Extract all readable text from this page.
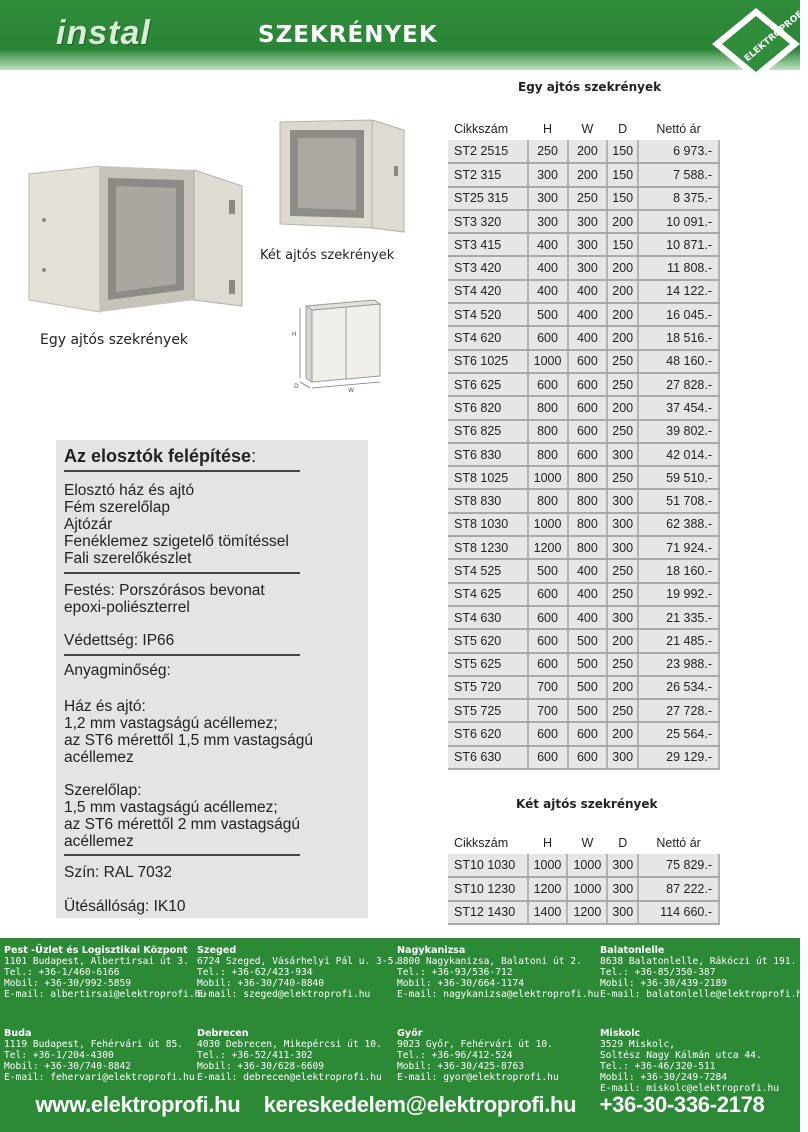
instal	SZEKRÉNYEK	ELEKTROPROFI
Egy ajtós szekrények
Két ajtós szekrények
H
W
D
Az elosztók felépítése:
Elosztó ház és ajtó
Fém szerelőlap
Ajtózár
Fenéklemez szigetelő tömítéssel
Fali szerelőkészlet
Festés: Porszórásos bevonat
epoxi-poliészterrel
Védettség: IP66
Anyagminőség:
Ház és ajtó:
1,2 mm vastagságú acéllemez;
az ST6 mérettől 1,5 mm vastagságú
acéllemez
Szerelőlap:
1,5 mm vastagságú acéllemez;
az ST6 mérettől 2 mm vastagságú
acéllemez
Szín: RAL 7032
Ütésállóság: IK10
Egy ajtós szekrények
Cikkszám	H	W	D	Nettó ár
ST2 2515	250	200	150	6 973.-
ST2 315	300	200	150	7 588.-
ST25 315	300	250	150	8 375.-
ST3 320	300	300	200	10 091.-
ST3 415	400	300	150	10 871.-
ST3 420	400	300	200	11 808.-
ST4 420	400	400	200	14 122.-
ST4 520	500	400	200	16 045.-
ST4 620	600	400	200	18 516.-
ST6 1025	1000	600	250	48 160.-
ST6 625	600	600	250	27 828.-
ST6 820	800	600	200	37 454.-
ST6 825	800	600	250	39 802.-
ST6 830	800	600	300	42 014.-
ST8 1025	1000	800	250	59 510.-
ST8 830	800	800	300	51 708.-
ST8 1030	1000	800	300	62 388.-
ST8 1230	1200	800	300	71 924.-
ST4 525	500	400	250	18 160.-
ST4 625	600	400	250	19 992.-
ST4 630	600	400	300	21 335.-
ST5 620	600	500	200	21 485.-
ST5 625	600	500	250	23 988.-
ST5 720	700	500	200	26 534.-
ST5 725	700	500	250	27 728.-
ST6 620	600	600	200	25 564.-
ST6 630	600	600	300	29 129.-
Két ajtós szekrények
Cikkszám	H	W	D	Nettó ár
ST10 1030	1000	1000	300	75 829.-
ST10 1230	1200	1000	300	87 222.-
ST12 1430	1400	1200	300	114 660.-
Pest -Üzlet és Logisztikai Központ
1101 Budapest, Albertirsai út 3.
Tel.: +36-1/460-6166
Mobil: +36-30/992-5859
E-mail: albertirsai@elektroprofi.hu
Szeged
6724 Szeged, Vásárhelyi Pál u. 3-5.
Tel.: +36-62/423-934
Mobil: +36-30/740-8840
E-mail: szeged@elektroprofi.hu
Nagykanizsa
8800 Nagykanizsa, Balatoni út 2.
Tel.: +36-93/536-712
Mobil: +36-30/664-1174
E-mail: nagykanizsa@elektroprofi.hu
Balatonlelle
8638 Balatonlelle, Rákóczi út 191.
Tel.: +36-85/350-387
Mobil: +36-30/439-2189
E-mail: balatonlelle@elektroprofi.hu
Buda
1119 Budapest, Fehérvári út 85.
Tel: +36-1/204-4300
Mobil: +36-30/740-8842
E-mail: fehervari@elektroprofi.hu
Debrecen
4030 Debrecen, Mikepércsi út 10.
Tel.: +36-52/411-302
Mobil: +36-30/628-6609
E-mail: debrecen@elektroprofi.hu
Győr
9023 Győr, Fehérvári út 10.
Tel.: +36-96/412-524
Mobil: +36-30/425-8763
E-mail: gyor@elektroprofi.hu
Miskolc
3529 Miskolc,
Soltész Nagy Kálmán utca 44.
Tel.: +36-46/320-511
Mobil: +36-30/249-7284
E-mail: miskolc@elektroprofi.hu
www.elektroprofi.hu kereskedelem@elektroprofi.hu +36-30-336-2178
